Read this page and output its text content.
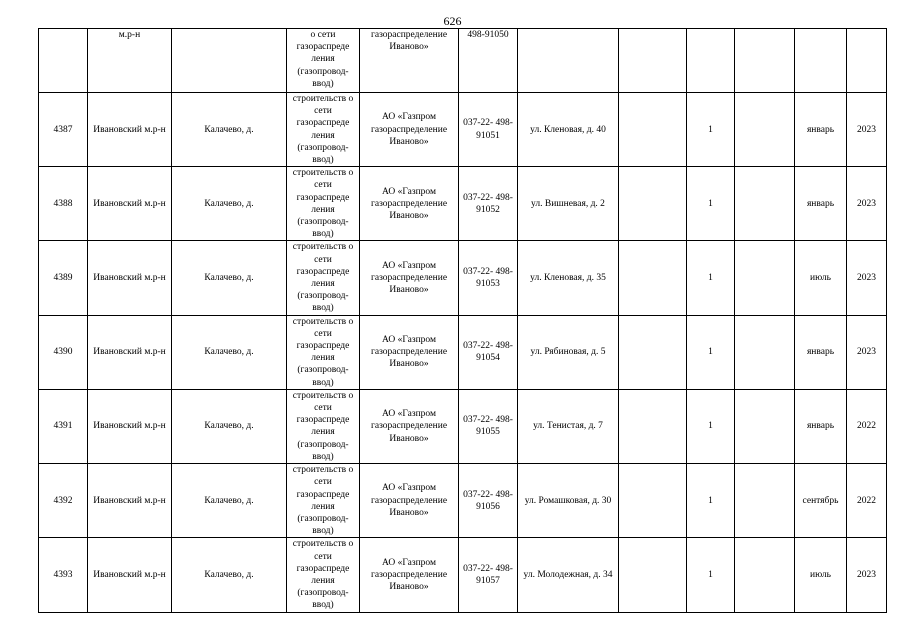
626
	м.р-н		о сети газораспреде ления (газопровод- ввод)	газораспределение Иваново»	498-91050						
4387	Ивановский м.р-н	Калачево, д.	строительств о сети газораспреде ления (газопровод- ввод)	АО «Газпром газораспределение Иваново»	037-22- 498-91051	ул. Кленовая, д. 40		1		январь	2023
4388	Ивановский м.р-н	Калачево, д.	строительств о сети газораспреде ления (газопровод- ввод)	АО «Газпром газораспределение Иваново»	037-22- 498-91052	ул. Вишневая, д. 2		1		январь	2023
4389	Ивановский м.р-н	Калачево, д.	строительств о сети газораспреде ления (газопровод- ввод)	АО «Газпром газораспределение Иваново»	037-22- 498-91053	ул. Кленовая, д. 35		1		июль	2023
4390	Ивановский м.р-н	Калачево, д.	строительств о сети газораспреде ления (газопровод- ввод)	АО «Газпром газораспределение Иваново»	037-22- 498-91054	ул. Рябиновая, д. 5		1		январь	2023
4391	Ивановский м.р-н	Калачево, д.	строительств о сети газораспреде ления (газопровод- ввод)	АО «Газпром газораспределение Иваново»	037-22- 498-91055	ул. Тенистая, д. 7		1		январь	2022
4392	Ивановский м.р-н	Калачево, д.	строительств о сети газораспреде ления (газопровод- ввод)	АО «Газпром газораспределение Иваново»	037-22- 498-91056	ул. Ромашковая, д. 30		1		сентябрь	2022
4393	Ивановский м.р-н	Калачево, д.	строительств о сети газораспреде ления (газопровод- ввод)	АО «Газпром газораспределение Иваново»	037-22- 498-91057	ул. Молодежная, д. 34		1		июль	2023
